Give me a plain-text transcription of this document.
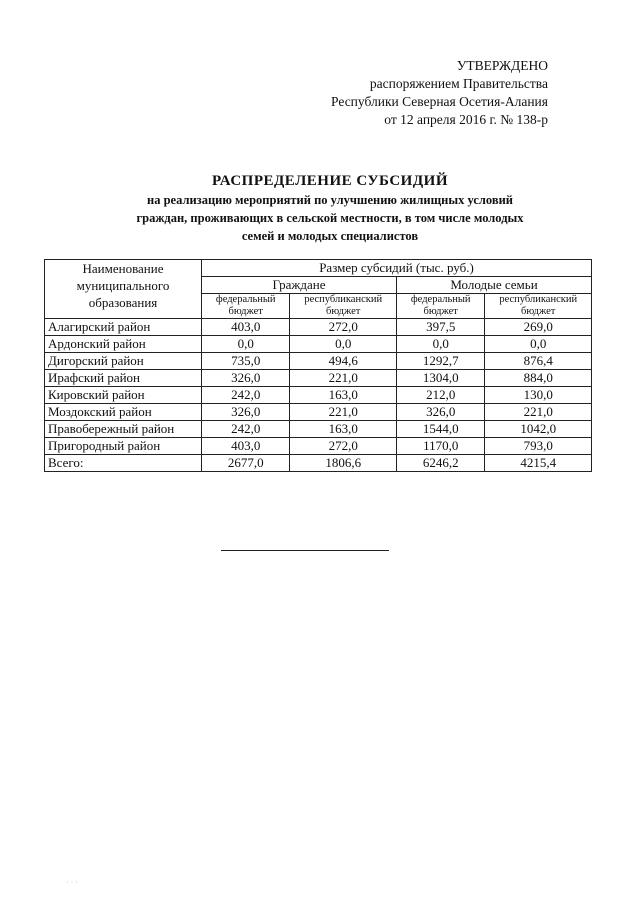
УТВЕРЖДЕНО
распоряжением Правительства
Республики Северная Осетия-Алания
от 12 апреля 2016 г. № 138-р
РАСПРЕДЕЛЕНИЕ СУБСИДИЙ
на реализацию мероприятий по улучшению жилищных условий
граждан, проживающих в сельской местности, в том числе молодых
семей и молодых специалистов
Наименование муниципального образования	Размер субсидий (тыс. руб.)			
	Граждане		Молодые семьи	
	федеральный бюджет	республиканский бюджет	федеральный бюджет	республиканский бюджет
Алагирский район	403,0	272,0	397,5	269,0
Ардонский район	0,0	0,0	0,0	0,0
Дигорский район	735,0	494,6	1292,7	876,4
Ирафский район	326,0	221,0	1304,0	884,0
Кировский район	242,0	163,0	212,0	130,0
Моздокский район	326,0	221,0	326,0	221,0
Правобережный район	242,0	163,0	1544,0	1042,0
Пригородный район	403,0	272,0	1170,0	793,0
Всего:	2677,0	1806,6	6246,2	4215,4
· · ·
